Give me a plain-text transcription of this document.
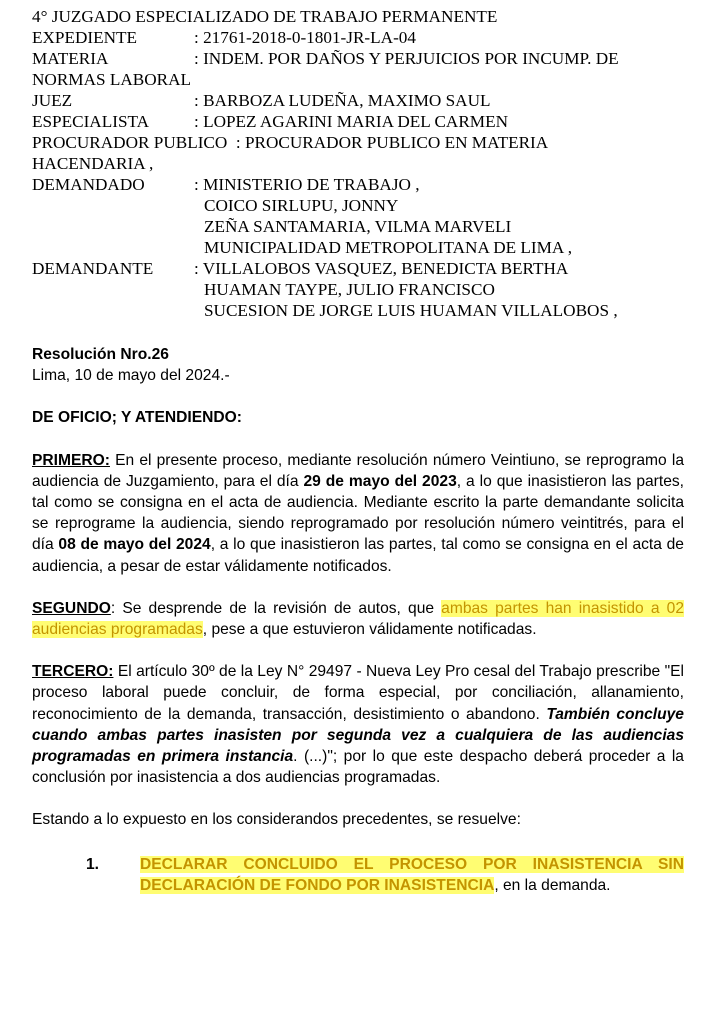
4° JUZGADO ESPECIALIZADO DE TRABAJO PERMANENTE
EXPEDIENTE	: 21761-2018-0-1801-JR-LA-04
MATERIA	: INDEM. POR DAÑOS Y PERJUICIOS POR INCUMP. DE
NORMAS LABORAL
JUEZ	: BARBOZA LUDEÑA, MAXIMO SAUL
ESPECIALISTA	: LOPEZ AGARINI MARIA DEL CARMEN
PROCURADOR PUBLICO  : PROCURADOR PUBLICO EN MATERIA
HACENDARIA ,
DEMANDADO	: MINISTERIO DE TRABAJO ,
COICO SIRLUPU, JONNY
ZEÑA SANTAMARIA, VILMA MARVELI
MUNICIPALIDAD METROPOLITANA DE LIMA ,
DEMANDANTE	: VILLALOBOS VASQUEZ, BENEDICTA BERTHA
HUAMAN TAYPE, JULIO FRANCISCO
SUCESION DE JORGE LUIS HUAMAN VILLALOBOS ,
Resolución Nro.26
Lima, 10 de mayo del 2024.-
DE OFICIO; Y ATENDIENDO:

PRIMERO: En el presente proceso, mediante resolución número Veintiuno, se reprogramo la audiencia de Juzgamiento, para el día 29 de mayo del 2023, a lo que inasistieron las partes, tal como se consigna en el acta de audiencia. Mediante escrito la parte demandante solicita se reprograme la audiencia, siendo reprogramado por resolución número veintitrés, para el día 08 de mayo del 2024, a lo que inasistieron las partes, tal como se consigna en el acta de audiencia, a pesar de estar válidamente notificados.

SEGUNDO: Se desprende de la revisión de autos, que ambas partes han inasistido a 02 audiencias programadas, pese a que estuvieron válidamente notificadas.

TERCERO: El artículo 30º de la Ley N° 29497 - Nueva Ley Pro cesal del Trabajo prescribe "El proceso laboral puede concluir, de forma especial, por conciliación, allanamiento, reconocimiento de la demanda, transacción, desistimiento o abandono. También concluye cuando ambas partes inasisten por segunda vez a cualquiera de las audiencias programadas en primera instancia. (...)"; por lo que este despacho deberá proceder a la conclusión por inasistencia a dos audiencias programadas.

Estando a lo expuesto en los considerandos precedentes, se resuelve:
1.	DECLARAR CONCLUIDO EL PROCESO POR INASISTENCIA SIN DECLARACIÓN DE FONDO POR INASISTENCIA, en la demanda.
